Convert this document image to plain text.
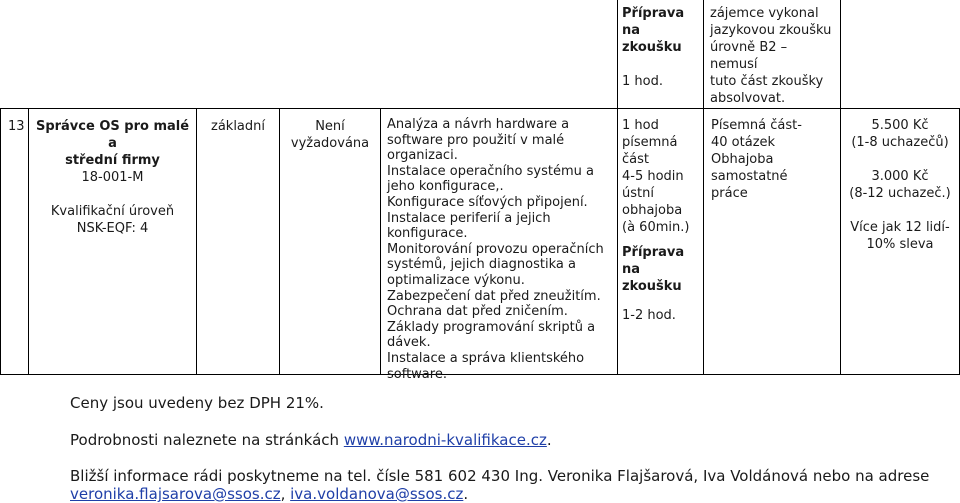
Příprava na zkoušku

1 hod.

zájemce vykonal
jazykovou zkoušku
úrovně B2 – nemusí
tuto část zkoušky
absolvovat.
13 Správce OS pro malé a
střední firmy
18-001-M
Kvalifikační úroveň
NSK-EQF: 4
základní	Není
vyžadována
Analýza a návrh hardware a
software pro použití v malé
organizaci.
Instalace operačního systému a
jeho konfigurace,.
Konfigurace síťových připojení.
Instalace periferií a jejich
konfigurace.
Monitorování provozu operačních
systémů, jejich diagnostika a
optimalizace výkonu.
Zabezpečení dat před zneužitím.
Ochrana dat před zničením.
Základy programování skriptů a
dávek.
Instalace a správa klientského
software.
1 hod
písemná
část
4-5 hodin
ústní
obhajoba
(à 60min.)
Příprava na zkoušku
1-2 hod.
Písemná část-
40 otázek
Obhajoba samostatné
práce
5.500 Kč
(1-8 uchazečů)
3.000 Kč
(8-12 uchazeč.)
Více jak 12 lidí-
10% sleva
Ceny jsou uvedeny bez DPH 21%.
Podrobnosti naleznete na stránkách www.narodni-kvalifikace.cz.
Bližší informace rádi poskytneme na tel. čísle 581 602 430 Ing. Veronika Flajšarová, Iva Voldánová nebo na adrese
veronika.flajsarova@ssos.cz, iva.voldanova@ssos.cz.
